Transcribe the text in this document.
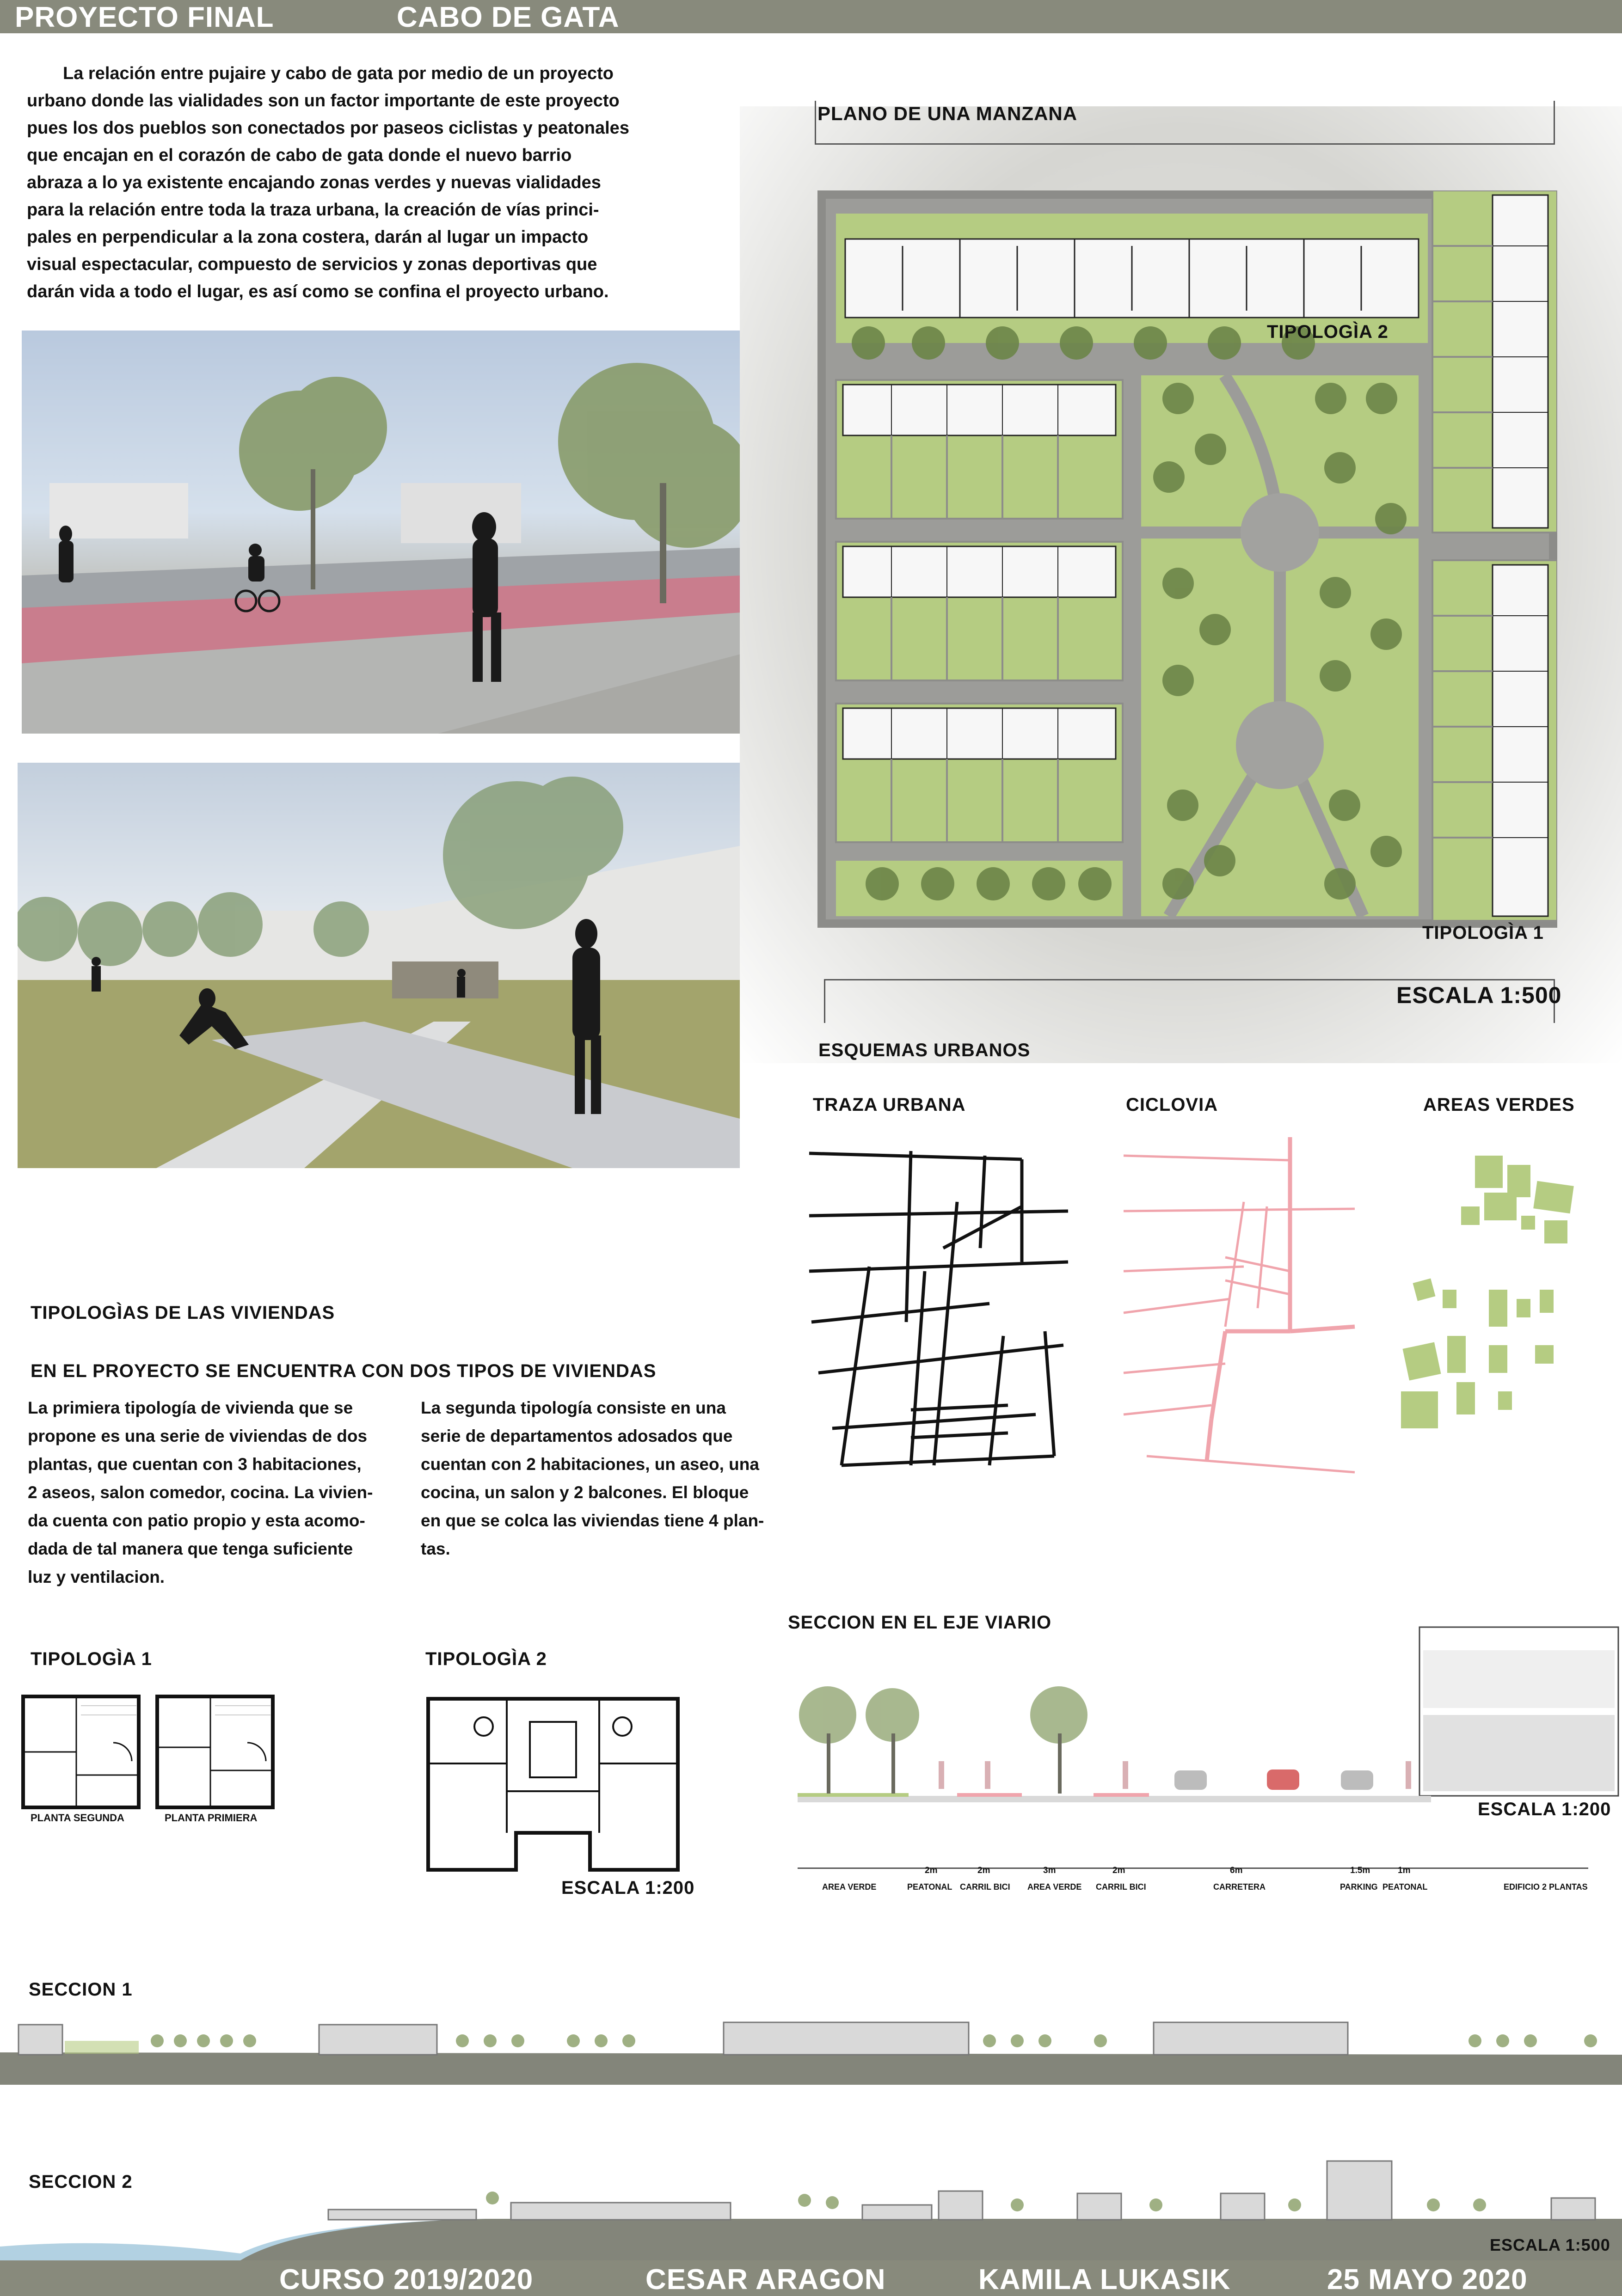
PROYECTO FINAL	CABO DE GATA
La relación entre pujaire y cabo de gata por medio de un proyecto
urbano donde las vialidades son un factor importante de este proyecto
pues los dos pueblos son conectados por paseos ciclistas y peatonales
que encajan en el corazón de cabo de gata donde el nuevo barrio
abraza a lo ya existente encajando zonas verdes y nuevas vialidades
para la relación entre toda la traza urbana, la creación de vías princi-
pales en perpendicular a la zona costera, darán al lugar un impacto
visual espectacular, compuesto de servicios y zonas deportivas que
darán vida a todo el lugar, es así como se confina el proyecto urbano.
PLANO DE UNA MANZANA
TIPOLOGÌA 2
TIPOLOGÌA 1
ESCALA 1:500
ESQUEMAS URBANOS
TRAZA URBANA	CICLOVIA	AREAS VERDES
TIPOLOGÌAS DE LAS VIVIENDAS
EN EL PROYECTO SE ENCUENTRA CON DOS TIPOS DE VIVIENDAS
La primiera tipología de vivienda que se
propone es una serie de viviendas de dos
plantas, que cuentan con 3 habitaciones,
2 aseos, salon comedor, cocina. La vivien-
da cuenta con patio propio y esta acomo-
dada de tal manera que tenga suficiente
luz y ventilacion.
La segunda tipología consiste en una
serie de departamentos adosados que
cuentan con 2 habitaciones, un aseo, una
cocina, un salon y 2 balcones. El bloque
en que se colca las viviendas tiene 4 plan-
tas.
TIPOLOGÌA 1	TIPOLOGÌA 2
PLANTA SEGUNDA	PLANTA PRIMIERA
ESCALA 1:200
SECCION EN EL EJE VIARIO
ESCALA 1:200
2m	2m	3m	2m	6m	1.5m	1m
AREA VERDE	PEATONAL CARRIL BICI AREA VERDE CARRIL BICI	CARRETERA	PARKING PEATONAL	EDIFICIO 2 PLANTAS
SECCION 1
SECCION 2
ESCALA 1:500
CURSO 2019/2020	CESAR ARAGON	KAMILA LUKASIK	25 MAYO 2020
